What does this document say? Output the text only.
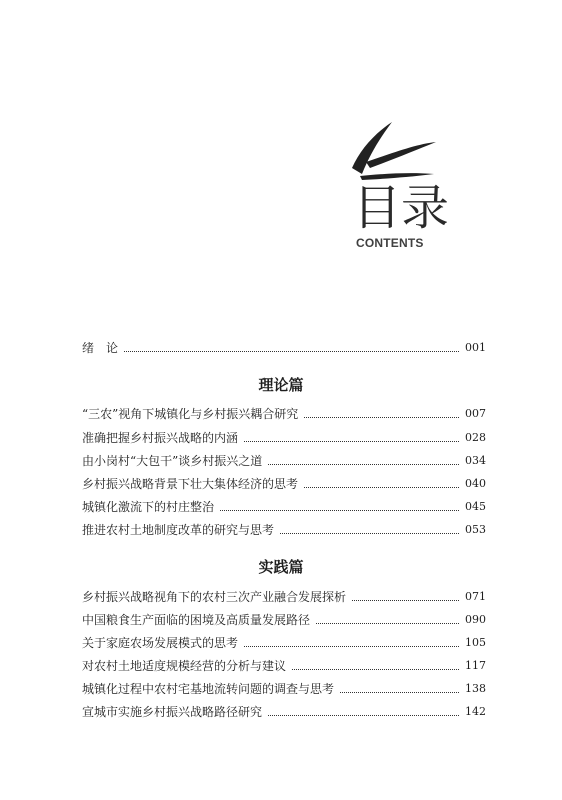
目录
CONTENTS
绪　论	001
理论篇
“三农”视角下城镇化与乡村振兴耦合研究	007
准确把握乡村振兴战略的内涵	028
由小岗村“大包干”谈乡村振兴之道	034
乡村振兴战略背景下壮大集体经济的思考	040
城镇化激流下的村庄整治	045
推进农村土地制度改革的研究与思考	053
实践篇
乡村振兴战略视角下的农村三次产业融合发展探析	071
中国粮食生产面临的困境及高质量发展路径	090
关于家庭农场发展模式的思考	105
对农村土地适度规模经营的分析与建议	117
城镇化过程中农村宅基地流转问题的调查与思考	138
宣城市实施乡村振兴战略路径研究	142
